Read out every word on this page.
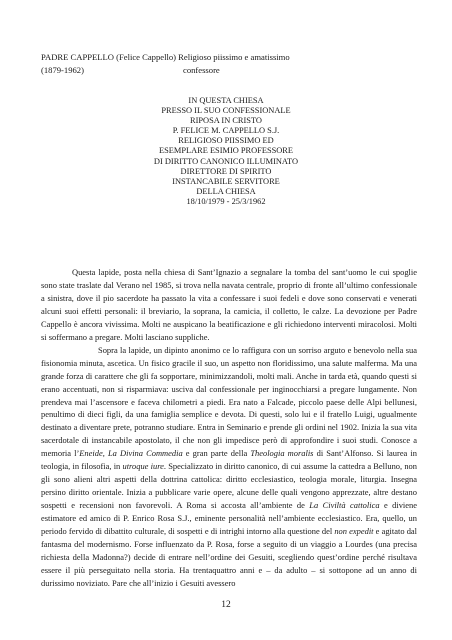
PADRE CAPPELLO (Felice Cappello) Religioso piissimo e amatissimo
(1879-1962)	confessore
IN QUESTA CHIESA
PRESSO IL SUO CONFESSIONALE
RIPOSA IN CRISTO
P. FELICE M. CAPPELLO S.J.
RELIGIOSO PIISSIMO ED
ESEMPLARE ESIMIO PROFESSORE
DI DIRITTO CANONICO ILLUMINATO
DIRETTORE DI SPIRITO
INSTANCABILE SERVITORE
DELLA CHIESA
18/10/1979 - 25/3/1962

Questa lapide, posta nella chiesa di Sant’Ignazio a segnalare la tomba del sant’uomo le cui spoglie sono state traslate dal Verano nel 1985, si trova nella navata centrale, proprio di fronte all’ultimo confessionale a sinistra, dove il pio sacerdote ha passato la vita a confessare i suoi fedeli e dove sono conservati e venerati alcuni suoi effetti personali: il breviario, la soprana, la camicia, il colletto, le calze. La devozione per Padre Cappello è ancora vivissima. Molti ne auspicano la beatificazione e gli richiedono interventi miracolosi. Molti si soffermano a pregare. Molti lasciano suppliche.

Sopra la lapide, un dipinto anonimo ce lo raffigura con un sorriso arguto e benevolo nella sua fisionomia minuta, ascetica. Un fisico gracile il suo, un aspetto non floridissimo, una salute malferma. Ma una grande forza di carattere che gli fa sopportare, minimizzandoli, molti mali. Anche in tarda età, quando questi si erano accentuati, non si risparmiava: usciva dal confessionale per inginocchiarsi a pregare lungamente. Non prendeva mai l’ascensore e faceva chilometri a piedi. Era nato a Falcade, piccolo paese delle Alpi bellunesi, penultimo di dieci figli, da una famiglia semplice e devota. Di questi, solo lui e il fratello Luigi, ugualmente destinato a diventare prete, potranno studiare. Entra in Seminario e prende gli ordini nel 1902. Inizia la sua vita sacerdotale di instancabile apostolato, il che non gli impedisce però di approfondire i suoi studi. Conosce a memoria l’Eneide, La Divina Commedia e gran parte della Theologia moralis di Sant’Alfonso. Si laurea in teologia, in filosofia, in utroque iure. Specializzato in diritto canonico, di cui assume la cattedra a Belluno, non gli sono alieni altri aspetti della dottrina cattolica: diritto ecclesiastico, teologia morale, liturgia. Insegna persino diritto orientale. Inizia a pubblicare varie opere, alcune delle quali vengono apprezzate, altre destano sospetti e recensioni non favorevoli. A Roma si accosta all’ambiente de La Civiltà cattolica e diviene estimatore ed amico di P. Enrico Rosa S.J., eminente personalità nell’ambiente ecclesiastico. Era, quello, un periodo fervido di dibattito culturale, di sospetti e di intrighi intorno alla questione del non expedit e agitato dal fantasma del modernismo. Forse influenzato da P. Rosa, forse a seguito di un viaggio a Lourdes (una precisa richiesta della Madonna?) decide di entrare nell’ordine dei Gesuiti, scegliendo quest’ordine perché risultava essere il più perseguitato nella storia. Ha trentaquattro anni e – da adulto – si sottopone ad un anno di durissimo noviziato. Pare che all’inizio i Gesuiti avessero

12
